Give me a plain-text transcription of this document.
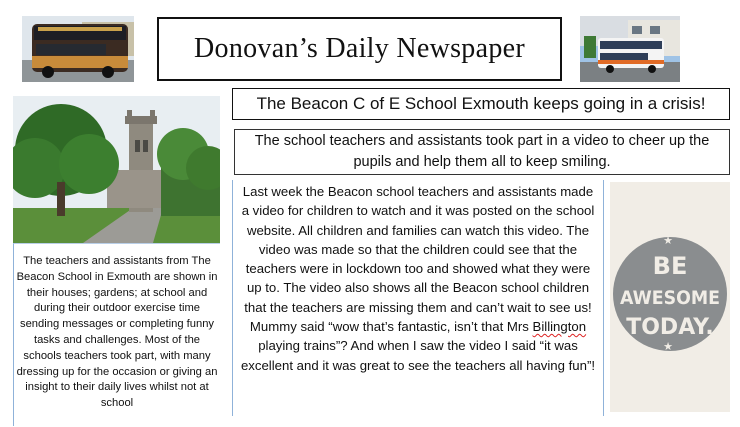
Donovan’s Daily Newspaper
The Beacon C of E School Exmouth keeps going in a crisis!
The school teachers and assistants took part in a video to cheer up the pupils and help them all to keep smiling.
The teachers and assistants from The Beacon School in Exmouth are shown in their houses; gardens; at school and during their outdoor exercise time sending messages or completing funny tasks and challenges. Most of the schools teachers took part, with many dressing up for the occasion or giving an insight to their daily lives whilst not at school

Last week the Beacon school teachers and assistants made a video for children to watch and it was posted on the school website. All children and families can watch this video. The video was made so that the children could see that the teachers were in lockdown too and showed what they were up to. The video also shows all the Beacon school children that the teachers are missing them and can’t wait to see us!

Mummy said “wow that’s fantastic, isn’t that Mrs Billington playing trains”? And when I saw the video I said “it was excellent and it was great to see the teachers all having fun”!

★
★
BE
AWESOME
TODAY.
